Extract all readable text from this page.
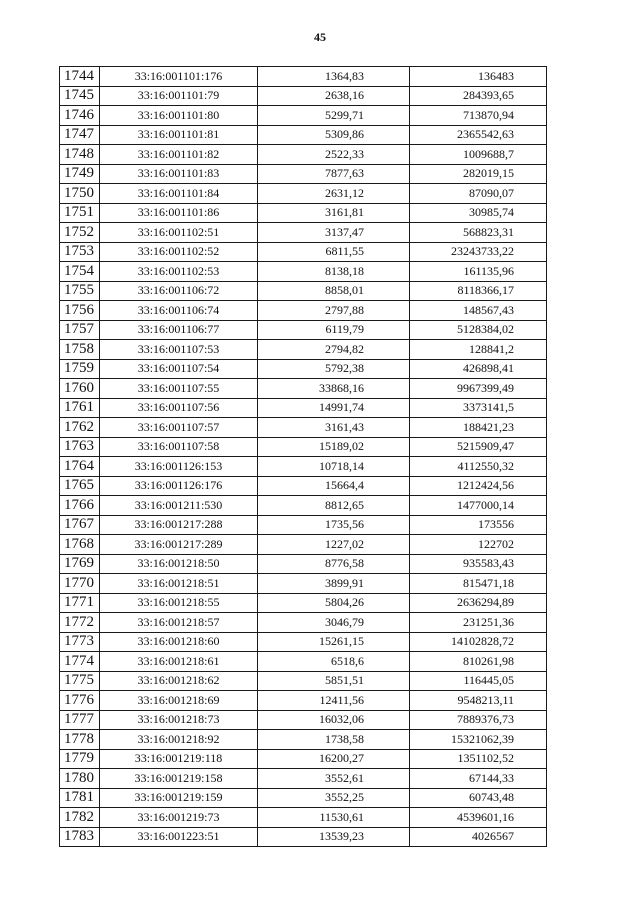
45
1744	33:16:001101:176	1364,83	136483
1745	33:16:001101:79	2638,16	284393,65
1746	33:16:001101:80	5299,71	713870,94
1747	33:16:001101:81	5309,86	2365542,63
1748	33:16:001101:82	2522,33	1009688,7
1749	33:16:001101:83	7877,63	282019,15
1750	33:16:001101:84	2631,12	87090,07
1751	33:16:001101:86	3161,81	30985,74
1752	33:16:001102:51	3137,47	568823,31
1753	33:16:001102:52	6811,55	23243733,22
1754	33:16:001102:53	8138,18	161135,96
1755	33:16:001106:72	8858,01	8118366,17
1756	33:16:001106:74	2797,88	148567,43
1757	33:16:001106:77	6119,79	5128384,02
1758	33:16:001107:53	2794,82	128841,2
1759	33:16:001107:54	5792,38	426898,41
1760	33:16:001107:55	33868,16	9967399,49
1761	33:16:001107:56	14991,74	3373141,5
1762	33:16:001107:57	3161,43	188421,23
1763	33:16:001107:58	15189,02	5215909,47
1764	33:16:001126:153	10718,14	4112550,32
1765	33:16:001126:176	15664,4	1212424,56
1766	33:16:001211:530	8812,65	1477000,14
1767	33:16:001217:288	1735,56	173556
1768	33:16:001217:289	1227,02	122702
1769	33:16:001218:50	8776,58	935583,43
1770	33:16:001218:51	3899,91	815471,18
1771	33:16:001218:55	5804,26	2636294,89
1772	33:16:001218:57	3046,79	231251,36
1773	33:16:001218:60	15261,15	14102828,72
1774	33:16:001218:61	6518,6	810261,98
1775	33:16:001218:62	5851,51	116445,05
1776	33:16:001218:69	12411,56	9548213,11
1777	33:16:001218:73	16032,06	7889376,73
1778	33:16:001218:92	1738,58	15321062,39
1779	33:16:001219:118	16200,27	1351102,52
1780	33:16:001219:158	3552,61	67144,33
1781	33:16:001219:159	3552,25	60743,48
1782	33:16:001219:73	11530,61	4539601,16
1783	33:16:001223:51	13539,23	4026567
